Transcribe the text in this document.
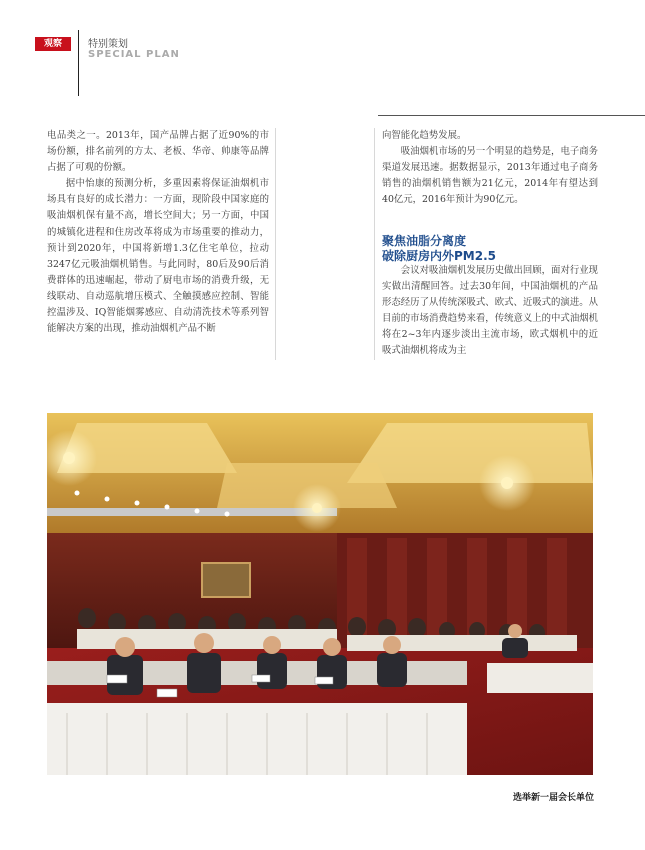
观察	特别策划
SPECIAL PLAN

电品类之一。2013年，国产品牌占据了近90%的市场份额，排名前列的方太、老板、华帝、帅康等品牌占据了可观的份额。

据中怡康的预测分析，多重因素将保证油烟机市场具有良好的成长潜力：一方面，现阶段中国家庭的吸油烟机保有量不高，增长空间大；另一方面，中国的城镇化进程和住房改革将成为市场重要的推动力，预计到2020年，中国将新增1.3亿住宅单位，拉动3247亿元吸油烟机销售。与此同时，80后及90后消费群体的迅速崛起，带动了厨电市场的消费升级，无线联动、自动巡航增压模式、全触摸感应控制、智能控温涉及、IQ智能烟雾感应、自动清洗技术等系列智能解决方案的出现，推动油烟机产品不断

向智能化趋势发展。

吸油烟机市场的另一个明显的趋势是，电子商务渠道发展迅速。据数据显示，2013年通过电子商务销售的油烟机销售额为21亿元，2014年有望达到40亿元，2016年预计为90亿元。

聚焦油脂分离度
破除厨房内外PM2.5

会议对吸油烟机发展历史做出回顾，面对行业现实做出清醒回答。过去30年间，中国油烟机的产品形态经历了从传统深吸式、欧式、近吸式的演进。从目前的市场消费趋势来看，传统意义上的中式油烟机将在2~3年内逐步淡出主流市场，欧式烟机中的近吸式油烟机将成为主

选举新一届会长单位
